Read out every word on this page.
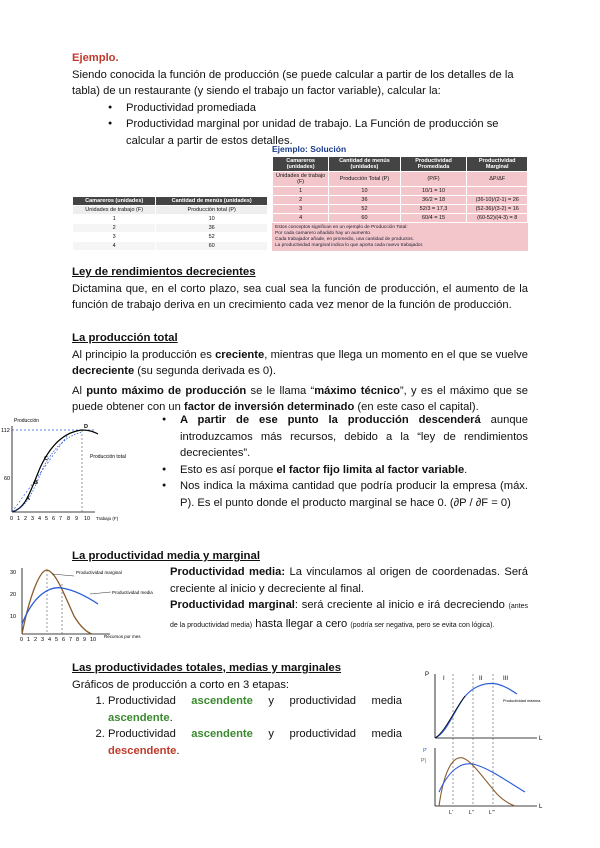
Ejemplo.
Siendo conocida la función de producción (se puede calcular a partir de los detalles de la tabla) de un restaurante (y siendo el trabajo un factor variable), calcular la:
● Productividad promediada
● Productividad marginal por unidad de trabajo. La Función de producción se calcular a partir de estos detalles.
Camareros (unidades)	Cantidad de menús (unidades)
Unidades de trabajo (F)	Producción total (P)
1	10
2	36
3	52
4	60
Ejemplo: Solución
Camareros (unidades)	Cantidad de menús (unidades)	Productividad Promediada	Productividad Marginal
Unidades de trabajo (F)	Producción Total (P)	(P/F)	ΔP/ΔF
1	10	10/1 = 10	
2	36	36/2 = 18	(36-10)/(2-1) = 26
3	52	52/3 = 17,3	(52-36)/(3-2) = 16
4	60	60/4 = 15	(60-52)/(4-3) = 8
Estos conceptos significan en un ejemplo de Producción Total:
Por cada camarero añadido hay un aumento.
Cada trabajador añade, en promedio, una cantidad de productos.
La productividad marginal indica lo que aporta cada nuevo trabajador.
Ley de rendimientos decrecientes
Dictamina que, en el corto plazo, sea cual sea la función de producción, el aumento de la función de trabajo deriva en un crecimiento cada vez menor de la función de producción.
La producción total
Al principio la producción es creciente, mientras que llega un momento en el que se vuelve decreciente (su segunda derivada es 0).
Al punto máximo de producción se le llama “máximo técnico”, y es el máximo que se puede obtener con un factor de inversión determinado (en este caso el capital).
● A partir de ese punto la producción descenderá aunque introduzcamos más recursos, debido a la “ley de rendimientos decrecientes”.
● Esto es así porque el factor fijo limita al factor variable.
● Nos indica la máxima cantidad que podría producir la empresa (máx. P). Es el punto donde el producto marginal se hace 0. (∂P / ∂F = 0)
Producción
112
60
A
B
C
D
Producción total
0 1 2 3 4 5 6 7 8 9 10 Trabajo (F)
La productividad media y marginal
Productividad media: La vinculamos al origen de coordenadas. Será creciente al inicio y decreciente al final.
Productividad marginal: será creciente al inicio e irá decreciendo (antes de la productividad media) hasta llegar a cero (podría ser negativa, pero se evita con lógica).
30
20
10
Productividad marginal
Productividad media
0 1 2 3 4 5 6 7 8 9 10
Recursos por mes
Las productividades totales, medias y marginales
Gráficos de producción a corto en 3 etapas:
1. Productividad ascendente y productividad media ascendente.
2. Productividad ascendente y productividad media descendente.
P
I	II	III
L
P'
P'j
L
L'	L''	L'''
Productividad máxima
